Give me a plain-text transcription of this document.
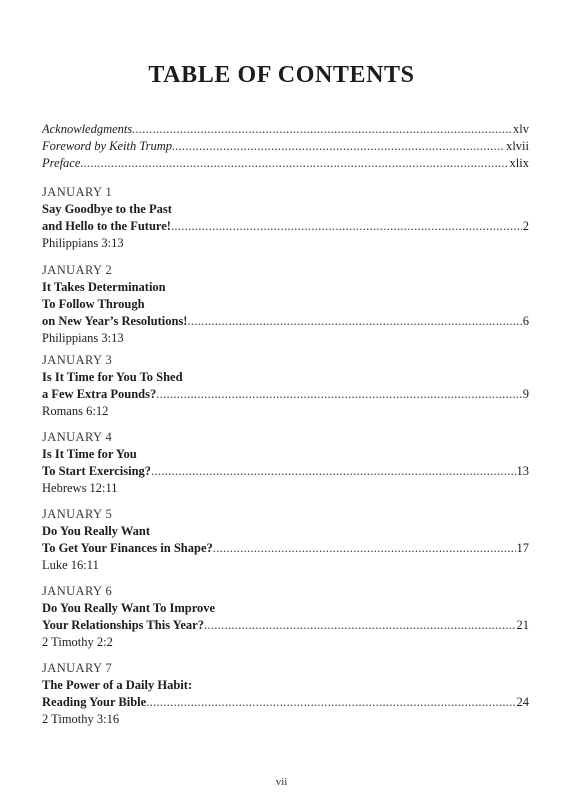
TABLE OF CONTENTS
Acknowledgments .....	xlv
Foreword by Keith Trump .....	xlvii
Preface .....	xlix
JANUARY 1
Say Goodbye to the Past
and Hello to the Future! .....	2
Philippians 3:13
JANUARY 2
It Takes Determination
To Follow Through
on New Year’s Resolutions! .....	6
Philippians 3:13
JANUARY 3
Is It Time for You To Shed
a Few Extra Pounds? .....	9
Romans 6:12
JANUARY 4
Is It Time for You
To Start Exercising? .....	13
Hebrews 12:11
JANUARY 5
Do You Really Want
To Get Your Finances in Shape? .....	17
Luke 16:11
JANUARY 6
Do You Really Want To Improve
Your Relationships This Year? .....	21
2 Timothy 2:2
JANUARY 7
The Power of a Daily Habit:
Reading Your Bible .....	24
2 Timothy 3:16
vii
